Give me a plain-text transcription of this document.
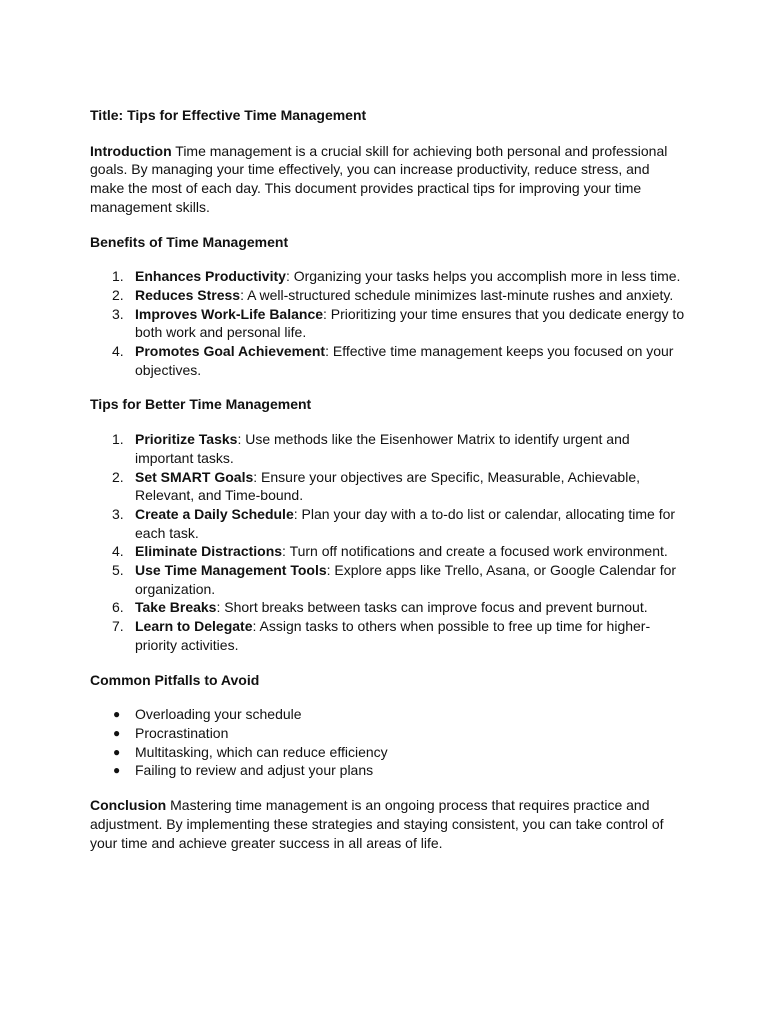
Title: Tips for Effective Time Management

Introduction Time management is a crucial skill for achieving both personal and professional goals. By managing your time effectively, you can increase productivity, reduce stress, and make the most of each day. This document provides practical tips for improving your time management skills.

Benefits of Time Management

1. Enhances Productivity: Organizing your tasks helps you accomplish more in less time.
2. Reduces Stress: A well-structured schedule minimizes last-minute rushes and anxiety.
3. Improves Work-Life Balance: Prioritizing your time ensures that you dedicate energy to both work and personal life.
4. Promotes Goal Achievement: Effective time management keeps you focused on your objectives.

Tips for Better Time Management

1. Prioritize Tasks: Use methods like the Eisenhower Matrix to identify urgent and important tasks.
2. Set SMART Goals: Ensure your objectives are Specific, Measurable, Achievable, Relevant, and Time-bound.
3. Create a Daily Schedule: Plan your day with a to-do list or calendar, allocating time for each task.
4. Eliminate Distractions: Turn off notifications and create a focused work environment.
5. Use Time Management Tools: Explore apps like Trello, Asana, or Google Calendar for organization.
6. Take Breaks: Short breaks between tasks can improve focus and prevent burnout.
7. Learn to Delegate: Assign tasks to others when possible to free up time for higher-priority activities.

Common Pitfalls to Avoid

● Overloading your schedule
● Procrastination
● Multitasking, which can reduce efficiency
● Failing to review and adjust your plans

Conclusion Mastering time management is an ongoing process that requires practice and adjustment. By implementing these strategies and staying consistent, you can take control of your time and achieve greater success in all areas of life.
